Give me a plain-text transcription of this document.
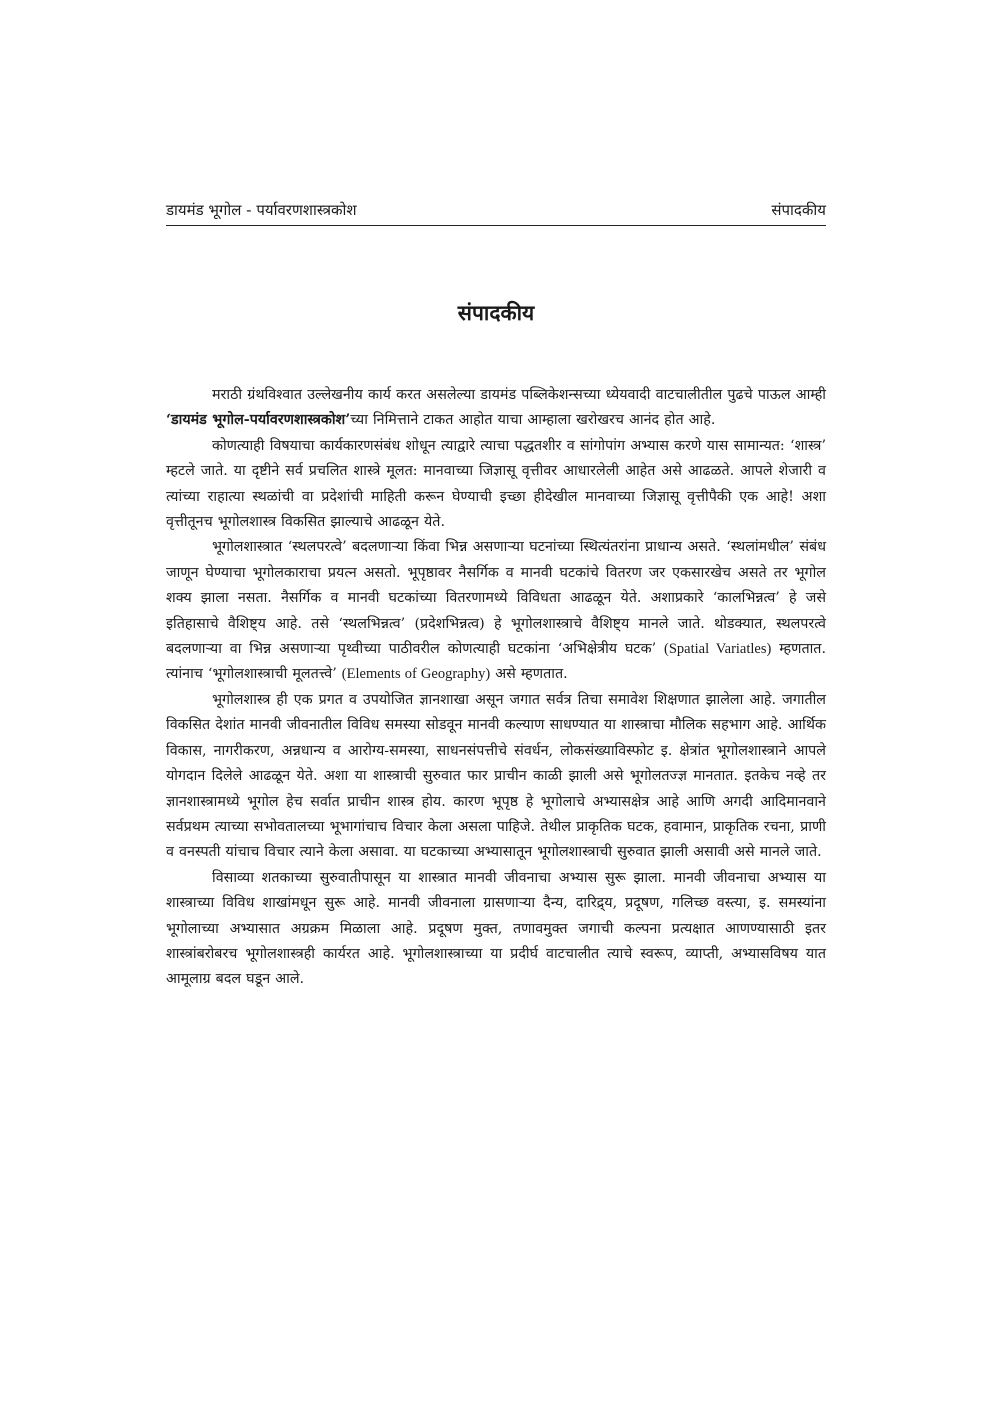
डायमंड भूगोल - पर्यावरणशास्त्रकोश	संपादकीय
संपादकीय

मराठी ग्रंथविश्वात उल्लेखनीय कार्य करत असलेल्या डायमंड पब्लिकेशन्सच्या ध्येयवादी वाटचालीतील पुढचे पाऊल आम्ही ‘डायमंड भूगोल-पर्यावरणशास्त्रकोश’च्या निमित्ताने टाकत आहोत याचा आम्हाला खरोखरच आनंद होत आहे.

कोणत्याही विषयाचा कार्यकारणसंबंध शोधून त्याद्वारे त्याचा पद्धतशीर व सांगोपांग अभ्यास करणे यास सामान्यत: ‘शास्त्र’ म्हटले जाते. या दृष्टीने सर्व प्रचलित शास्त्रे मूलत: मानवाच्या जिज्ञासू वृत्तीवर आधारलेली आहेत असे आढळते. आपले शेजारी व त्यांच्या राहात्या स्थळांची वा प्रदेशांची माहिती करून घेण्याची इच्छा हीदेखील मानवाच्या जिज्ञासू वृत्तीपैकी एक आहे! अशा वृत्तीतूनच भूगोलशास्त्र विकसित झाल्याचे आढळून येते.

भूगोलशास्त्रात ‘स्थलपरत्वे’ बदलणाऱ्या किंवा भिन्न असणाऱ्या घटनांच्या स्थित्यंतरांना प्राधान्य असते. ‘स्थलांमधील’ संबंध जाणून घेण्याचा भूगोलकाराचा प्रयत्न असतो. भूपृष्ठावर नैसर्गिक व मानवी घटकांचे वितरण जर एकसारखेच असते तर भूगोल शक्य झाला नसता. नैसर्गिक व मानवी घटकांच्या वितरणामध्ये विविधता आढळून येते. अशाप्रकारे ‘कालभिन्नत्व’ हे जसे इतिहासाचे वैशिष्ट्य आहे. तसे ‘स्थलभिन्नत्व’ (प्रदेशभिन्नत्व) हे भूगोलशास्त्राचे वैशिष्ट्य मानले जाते. थोडक्यात, स्थलपरत्वे बदलणाऱ्या वा भिन्न असणाऱ्या पृथ्वीच्या पाठीवरील कोणत्याही घटकांना ‘अभिक्षेत्रीय घटक’ (Spatial Variatles) म्हणतात. त्यांनाच ‘भूगोलशास्त्राची मूलतत्त्वे’ (Elements of Geography) असे म्हणतात.

भूगोलशास्त्र ही एक प्रगत व उपयोजित ज्ञानशाखा असून जगात सर्वत्र तिचा समावेश शिक्षणात झालेला आहे. जगातील विकसित देशांत मानवी जीवनातील विविध समस्या सोडवून मानवी कल्याण साधण्यात या शास्त्राचा मौलिक सहभाग आहे. आर्थिक विकास, नागरीकरण, अन्नधान्य व आरोग्य-समस्या, साधनसंपत्तीचे संवर्धन, लोकसंख्याविस्फोट इ. क्षेत्रांत भूगोलशास्त्राने आपले योगदान दिलेले आढळून येते. अशा या शास्त्राची सुरुवात फार प्राचीन काळी झाली असे भूगोलतज्ज्ञ मानतात. इतकेच नव्हे तर ज्ञानशास्त्रामध्ये भूगोल हेच सर्वात प्राचीन शास्त्र होय. कारण भूपृष्ठ हे भूगोलाचे अभ्यासक्षेत्र आहे आणि अगदी आदिमानवाने सर्वप्रथम त्याच्या सभोवतालच्या भूभागांचाच विचार केला असला पाहिजे. तेथील प्राकृतिक घटक, हवामान, प्राकृतिक रचना, प्राणी व वनस्पती यांचाच विचार त्याने केला असावा. या घटकाच्या अभ्यासातून भूगोलशास्त्राची सुरुवात झाली असावी असे मानले जाते.

विसाव्या शतकाच्या सुरुवातीपासून या शास्त्रात मानवी जीवनाचा अभ्यास सुरू झाला. मानवी जीवनाचा अभ्यास या शास्त्राच्या विविध शाखांमधून सुरू आहे. मानवी जीवनाला ग्रासणाऱ्या दैन्य, दारिद्र्य, प्रदूषण, गलिच्छ वस्त्या, इ. समस्यांना भूगोलाच्या अभ्यासात अग्रक्रम मिळाला आहे. प्रदूषण मुक्त, तणावमुक्त जगाची कल्पना प्रत्यक्षात आणण्यासाठी इतर शास्त्रांबरोबरच भूगोलशास्त्रही कार्यरत आहे. भूगोलशास्त्राच्या या प्रदीर्घ वाटचालीत त्याचे स्वरूप, व्याप्ती, अभ्यासविषय यात आमूलाग्र बदल घडून आले.
